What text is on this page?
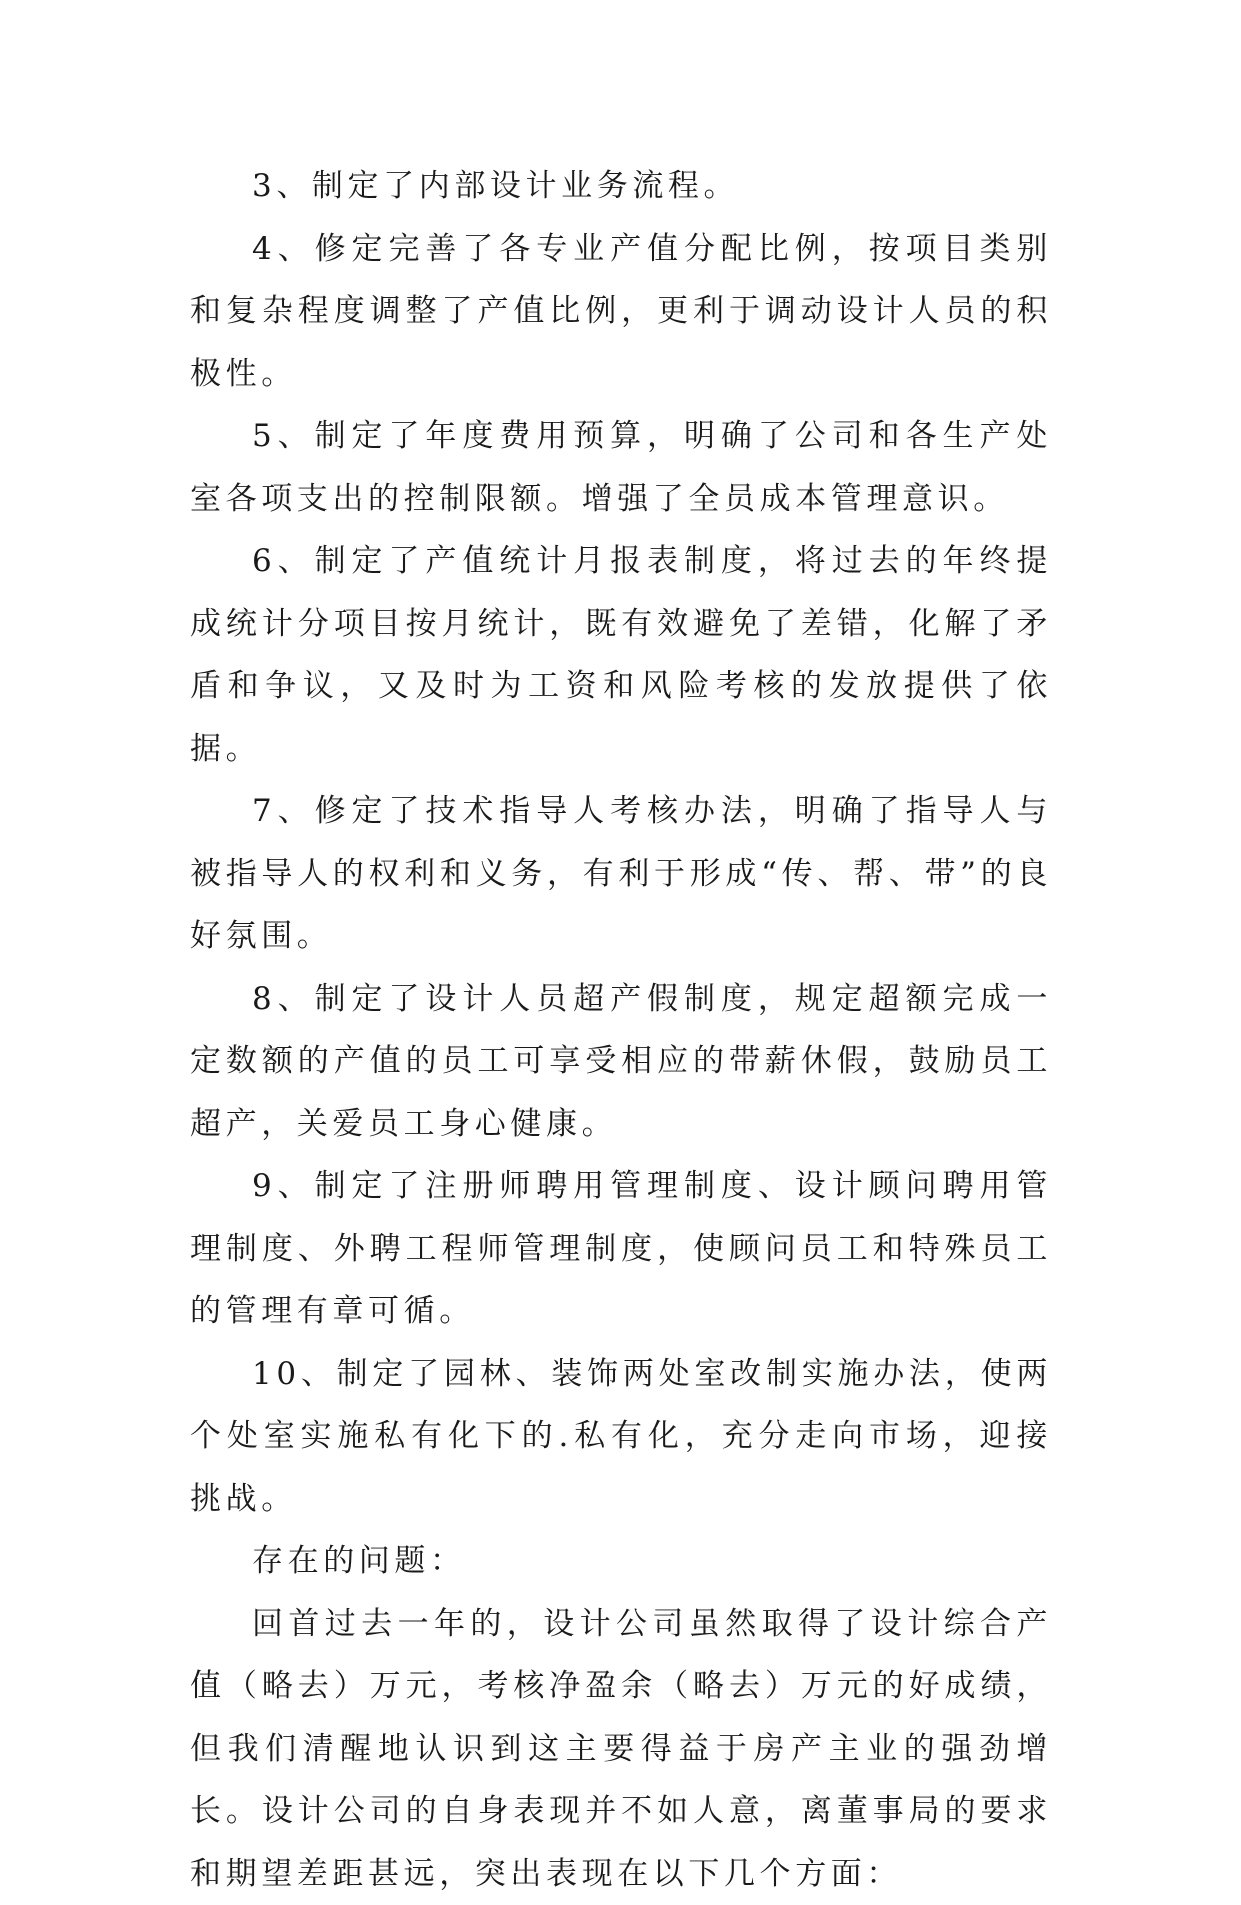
3、制定了内部设计业务流程。

4、修定完善了各专业产值分配比例，按项目类别和复杂程度调整了产值比例，更利于调动设计人员的积极性。

5、制定了年度费用预算，明确了公司和各生产处室各项支出的控制限额。增强了全员成本管理意识。

6、制定了产值统计月报表制度，将过去的年终提成统计分项目按月统计，既有效避免了差错，化解了矛盾和争议，又及时为工资和风险考核的发放提供了依据。

7、修定了技术指导人考核办法，明确了指导人与被指导人的权利和义务，有利于形成“传、帮、带”的良好氛围。

8、制定了设计人员超产假制度，规定超额完成一定数额的产值的员工可享受相应的带薪休假，鼓励员工超产，关爱员工身心健康。

9、制定了注册师聘用管理制度、设计顾问聘用管理制度、外聘工程师管理制度，使顾问员工和特殊员工的管理有章可循。

10、制定了园林、装饰两处室改制实施办法，使两个处室实施私有化下的.私有化，充分走向市场，迎接挑战。

存在的问题：

回首过去一年的，设计公司虽然取得了设计综合产值（略去）万元，考核净盈余（略去）万元的好成绩，但我们清醒地认识到这主要得益于房产主业的强劲增长。设计公司的自身表现并不如人意，离董事局的要求和期望差距甚远，突出表现在以下几个方面：
